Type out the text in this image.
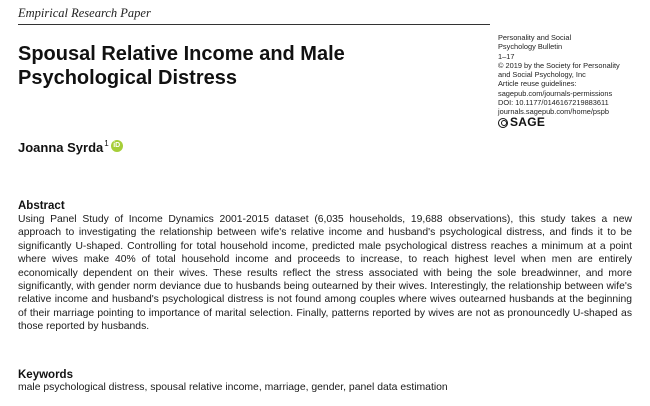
Empirical Research Paper
Spousal Relative Income and Male Psychological Distress
Joanna Syrda$^1$ iD
Personality and Social
Psychology Bulletin
1–17
© 2019 by the Society for Personality
and Social Psychology, Inc
Article reuse guidelines:
sagepub.com/journals-permissions
DOI: 10.1177/0146167219883611
journals.sagepub.com/home/pspb
SAGE
Abstract

Using Panel Study of Income Dynamics 2001-2015 dataset (6,035 households, 19,688 observations), this study takes a new approach to investigating the relationship between wife's relative income and husband's psychological distress, and finds it to be significantly U-shaped. Controlling for total household income, predicted male psychological distress reaches a minimum at a point where wives make 40% of total household income and proceeds to increase, to reach highest level when men are entirely economically dependent on their wives. These results reflect the stress associated with being the sole breadwinner, and more significantly, with gender norm deviance due to husbands being outearned by their wives. Interestingly, the relationship between wife's relative income and husband's psychological distress is not found among couples where wives outearned husbands at the beginning of their marriage pointing to importance of marital selection. Finally, patterns reported by wives are not as pronouncedly U-shaped as those reported by husbands.

Keywords

male psychological distress, spousal relative income, marriage, gender, panel data estimation
